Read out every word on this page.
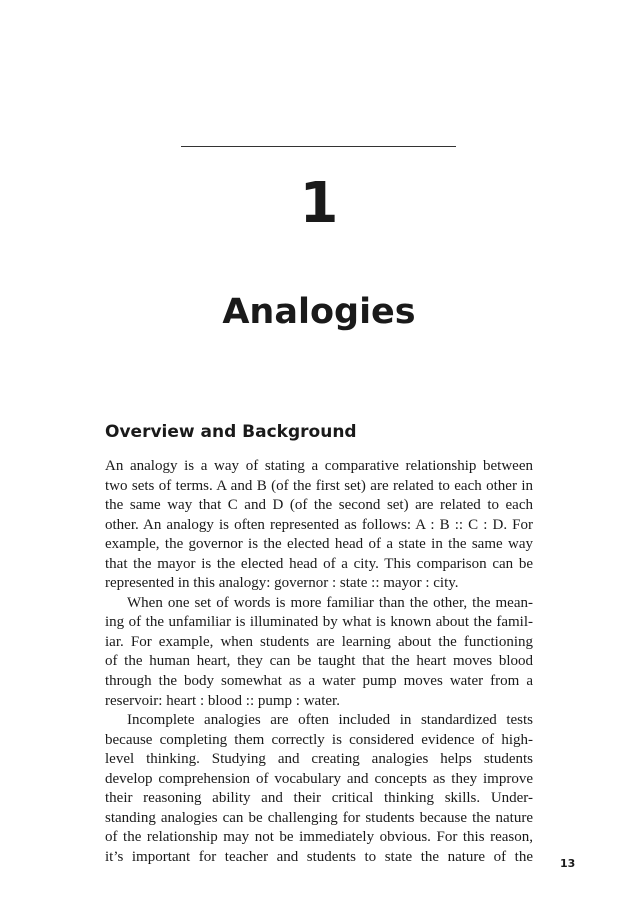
1
Analogies
Overview and Background
An analogy is a way of stating a comparative relationship between
two sets of terms. A and B (of the first set) are related to each other in
the same way that C and D (of the second set) are related to each
other. An analogy is often represented as follows: A : B :: C : D. For
example, the governor is the elected head of a state in the same way
that the mayor is the elected head of a city. This comparison can be
represented in this analogy: governor : state :: mayor : city.
When one set of words is more familiar than the other, the mean-
ing of the unfamiliar is illuminated by what is known about the famil-
iar. For example, when students are learning about the functioning
of the human heart, they can be taught that the heart moves blood
through the body somewhat as a water pump moves water from a
reservoir: heart : blood :: pump : water.
Incomplete analogies are often included in standardized tests
because completing them correctly is considered evidence of high-
level thinking. Studying and creating analogies helps students
develop comprehension of vocabulary and concepts as they improve
their reasoning ability and their critical thinking skills. Under-
standing analogies can be challenging for students because the nature
of the relationship may not be immediately obvious. For this reason,
it’s important for teacher and students to state the nature of the 13
